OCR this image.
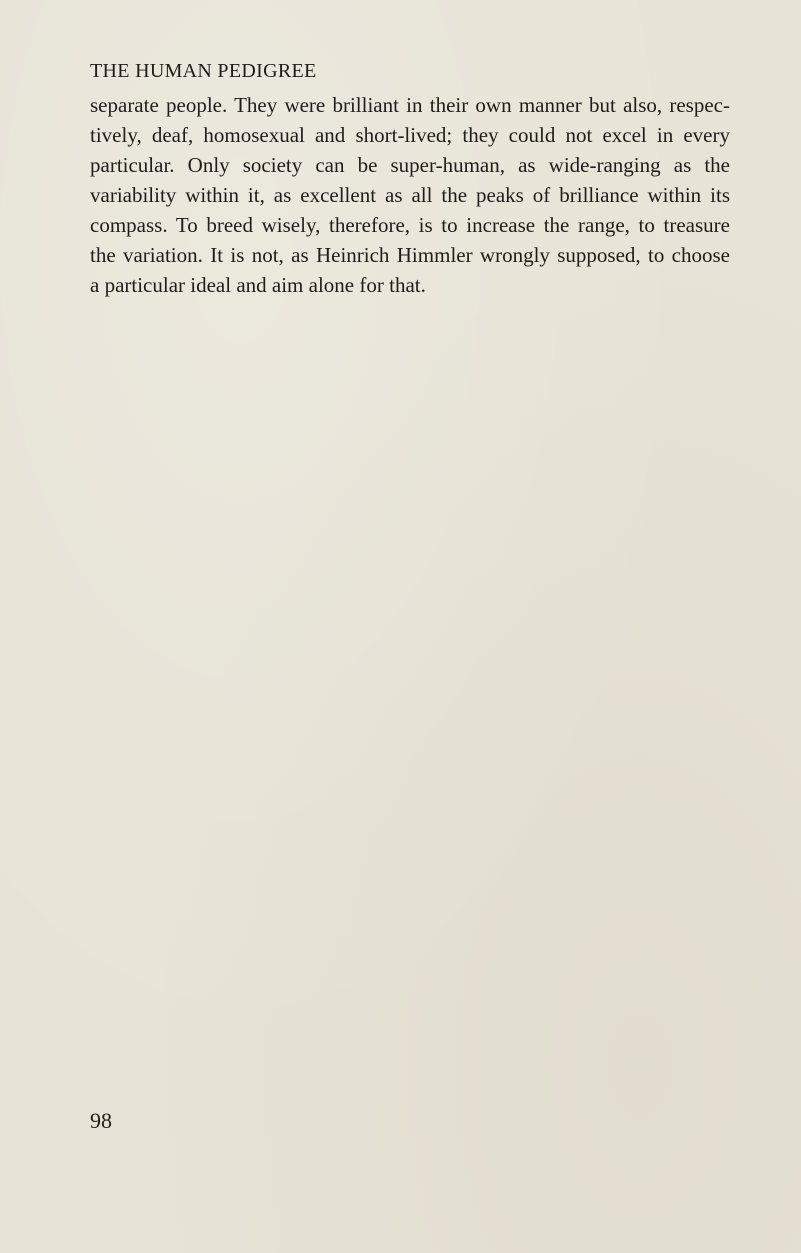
THE HUMAN PEDIGREE
separate people. They were brilliant in their own manner but also, respec-
tively, deaf, homosexual and short-lived; they could not excel in every
particular. Only society can be super-human, as wide-ranging as the
variability within it, as excellent as all the peaks of brilliance within its
compass. To breed wisely, therefore, is to increase the range, to treasure
the variation. It is not, as Heinrich Himmler wrongly supposed, to choose
a particular ideal and aim alone for that.
98
